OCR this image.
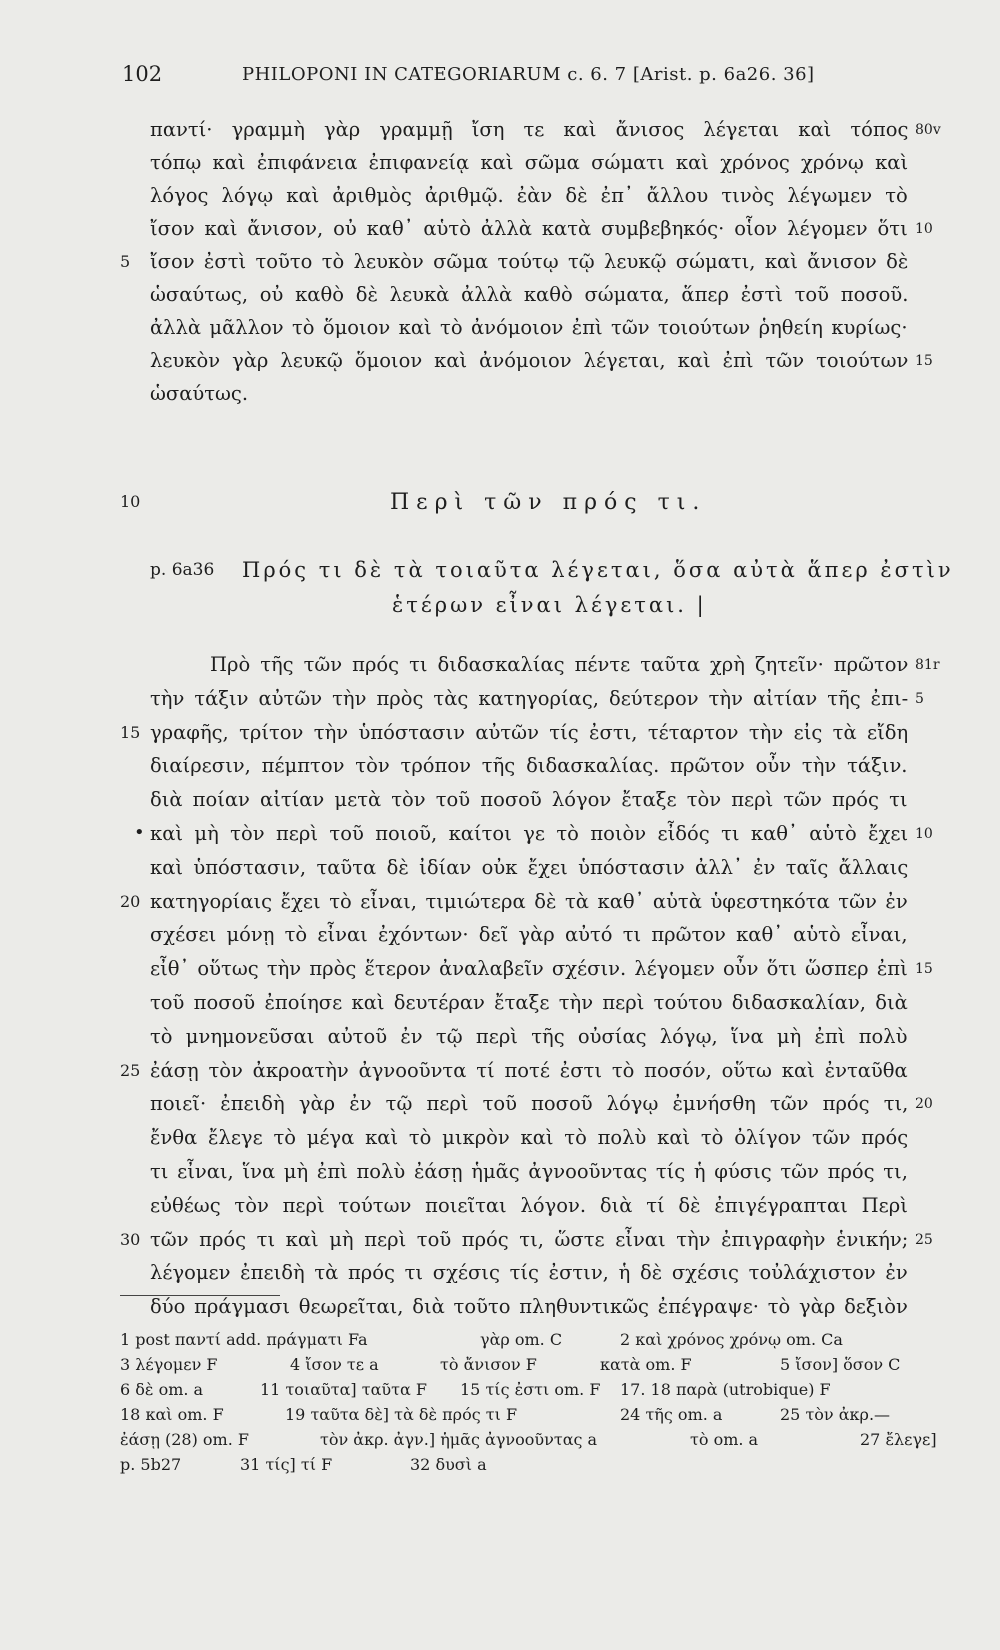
102	PHILOPONI IN CATEGORIARUM c. 6. 7 [Arist. p. 6a26. 36]
10	Περὶ τῶν πρός τι.
p. 6a36 Πρός τι δὲ τὰ τοιαῦτα λέγεται, ὅσα αὐτὰ ἅπερ ἐστὶν
ἑτέρων εἶναι λέγεται. |
•
παντί· γραμμὴ γὰρ γραμμῇ ἴση τε καὶ ἄνισος λέγεται καὶ τόπος 80v
τόπῳ καὶ ἐπιφάνεια ἐπιφανείᾳ καὶ σῶμα σώματι καὶ χρόνος χρόνῳ καὶ
λόγος λόγῳ καὶ ἀριθμὸς ἀριθμῷ. ἐὰν δὲ ἐπ᾽ ἄλλου τινὸς λέγωμεν τὸ
ἴσον καὶ ἄνισον, οὐ καθ᾽ αὑτὸ ἀλλὰ κατὰ συμβεβηκός· οἷον λέγομεν ὅτι 10
ἴσον ἐστὶ τοῦτο τὸ λευκὸν σῶμα τούτῳ τῷ λευκῷ σώματι, καὶ ἄνισον δὲ
5
ὡσαύτως, οὐ καθὸ δὲ λευκὰ ἀλλὰ καθὸ σώματα, ἅπερ ἐστὶ τοῦ ποσοῦ.
ἀλλὰ μᾶλλον τὸ ὅμοιον καὶ τὸ ἀνόμοιον ἐπὶ τῶν τοιούτων ῥηθείη κυρίως·
λευκὸν γὰρ λευκῷ ὅμοιον καὶ ἀνόμοιον λέγεται, καὶ ἐπὶ τῶν τοιούτων 15
ὡσαύτως.
Πρὸ τῆς τῶν πρός τι διδασκαλίας πέντε ταῦτα χρὴ ζητεῖν· πρῶτον 81r
τὴν τάξιν αὐτῶν τὴν πρὸς τὰς κατηγορίας, δεύτερον τὴν αἰτίαν τῆς ἐπι- 5
γραφῆς, τρίτον τὴν ὑπόστασιν αὐτῶν τίς ἐστι, τέταρτον τὴν εἰς τὰ εἴδη
15
διαίρεσιν, πέμπτον τὸν τρόπον τῆς διδασκαλίας. πρῶτον οὖν τὴν τάξιν.
διὰ ποίαν αἰτίαν μετὰ τὸν τοῦ ποσοῦ λόγον ἔταξε τὸν περὶ τῶν πρός τι
καὶ μὴ τὸν περὶ τοῦ ποιοῦ, καίτοι γε τὸ ποιὸν εἶδός τι καθ᾽ αὑτὸ ἔχει 10
καὶ ὑπόστασιν, ταῦτα δὲ ἰδίαν οὐκ ἔχει ὑπόστασιν ἀλλ᾽ ἐν ταῖς ἄλλαις
κατηγορίαις ἔχει τὸ εἶναι, τιμιώτερα δὲ τὰ καθ᾽ αὑτὰ ὑφεστηκότα τῶν ἐν
20
σχέσει μόνῃ τὸ εἶναι ἐχόντων· δεῖ γὰρ αὐτό τι πρῶτον καθ᾽ αὑτὸ εἶναι,
εἶθ᾽ οὕτως τὴν πρὸς ἕτερον ἀναλαβεῖν σχέσιν. λέγομεν οὖν ὅτι ὥσπερ ἐπὶ 15
τοῦ ποσοῦ ἐποίησε καὶ δευτέραν ἔταξε τὴν περὶ τούτου διδασκαλίαν, διὰ
τὸ μνημονεῦσαι αὐτοῦ ἐν τῷ περὶ τῆς οὐσίας λόγῳ, ἵνα μὴ ἐπὶ πολὺ
ἐάσῃ τὸν ἀκροατὴν ἀγνοοῦντα τί ποτέ ἐστι τὸ ποσόν, οὕτω καὶ ἐνταῦθα
25
ποιεῖ· ἐπειδὴ γὰρ ἐν τῷ περὶ τοῦ ποσοῦ λόγῳ ἐμνήσθη τῶν πρός τι, 20
ἔνθα ἔλεγε τὸ μέγα καὶ τὸ μικρὸν καὶ τὸ πολὺ καὶ τὸ ὀλίγον τῶν πρός
τι εἶναι, ἵνα μὴ ἐπὶ πολὺ ἐάσῃ ἡμᾶς ἀγνοοῦντας τίς ἡ φύσις τῶν πρός τι,
εὐθέως τὸν περὶ τούτων ποιεῖται λόγον. διὰ τί δὲ ἐπιγέγραπται Περὶ
τῶν πρός τι καὶ μὴ περὶ τοῦ πρός τι, ὥστε εἶναι τὴν ἐπιγραφὴν ἑνικήν;
30	25
λέγομεν ἐπειδὴ τὰ πρός τι σχέσις τίς ἐστιν, ἡ δὲ σχέσις τοὐλάχιστον ἐν
δύο πράγμασι θεωρεῖται, διὰ τοῦτο πληθυντικῶς ἐπέγραψε· τὸ γὰρ δεξιὸν
1 post παντί add. πράγματι Fa	γὰρ om. C	2 καὶ χρόνος χρόνῳ om. Ca
3 λέγομεν F	4 ἴσον τε a	τὸ ἄνισον F	κατὰ om. F	5 ἴσον] ὅσον C
6 δὲ om. a	11 τοιαῦτα] ταῦτα F 15 τίς ἐστι om. F 17. 18 παρὰ (utrobique) F
18 καὶ om. F	19 ταῦτα δὲ] τὰ δὲ πρός τι F	24 τῆς om. a	25 τὸν ἀκρ.—
ἐάσῃ (28) om. F	τὸν ἀκρ. ἀγν.] ἡμᾶς ἀγνοοῦντας a	τὸ om. a	27 ἔλεγε]
p. 5b27	31 τίς] τί F	32 δυσὶ a
